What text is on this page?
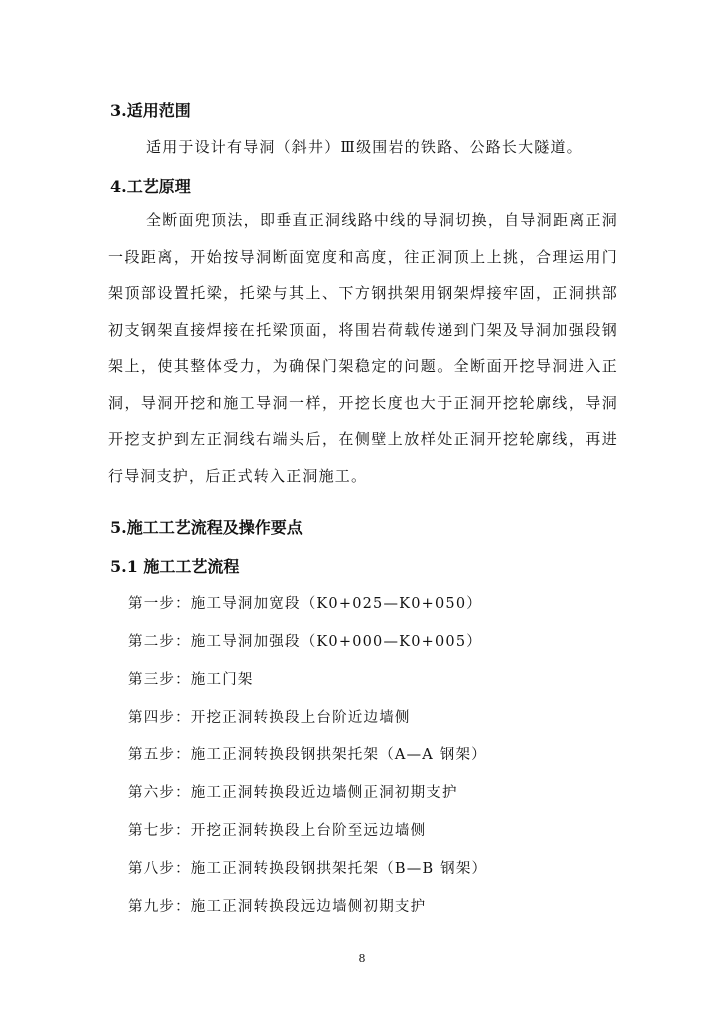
3.适用范围
适用于设计有导洞（斜井）Ⅲ级围岩的铁路、公路长大隧道。
4.工艺原理
全断面兜顶法，即垂直正洞线路中线的导洞切换，自导洞距离正洞一段距离，开始按导洞断面宽度和高度，往正洞顶上上挑，合理运用门架顶部设置托梁，托梁与其上、下方钢拱架用钢架焊接牢固，正洞拱部初支钢架直接焊接在托梁顶面，将围岩荷载传递到门架及导洞加强段钢架上，使其整体受力，为确保门架稳定的问题。全断面开挖导洞进入正洞，导洞开挖和施工导洞一样，开挖长度也大于正洞开挖轮廓线，导洞开挖支护到左正洞线右端头后，在侧壁上放样处正洞开挖轮廓线，再进行导洞支护，后正式转入正洞施工。
5.施工工艺流程及操作要点
5.1 施工工艺流程
第一步：施工导洞加宽段（K0+025—K0+050）
第二步：施工导洞加强段（K0+000—K0+005）
第三步：施工门架
第四步：开挖正洞转换段上台阶近边墙侧
第五步：施工正洞转换段钢拱架托架（A—A 钢架）
第六步：施工正洞转换段近边墙侧正洞初期支护
第七步：开挖正洞转换段上台阶至远边墙侧
第八步：施工正洞转换段钢拱架托架（B—B 钢架）
第九步：施工正洞转换段远边墙侧初期支护
8
